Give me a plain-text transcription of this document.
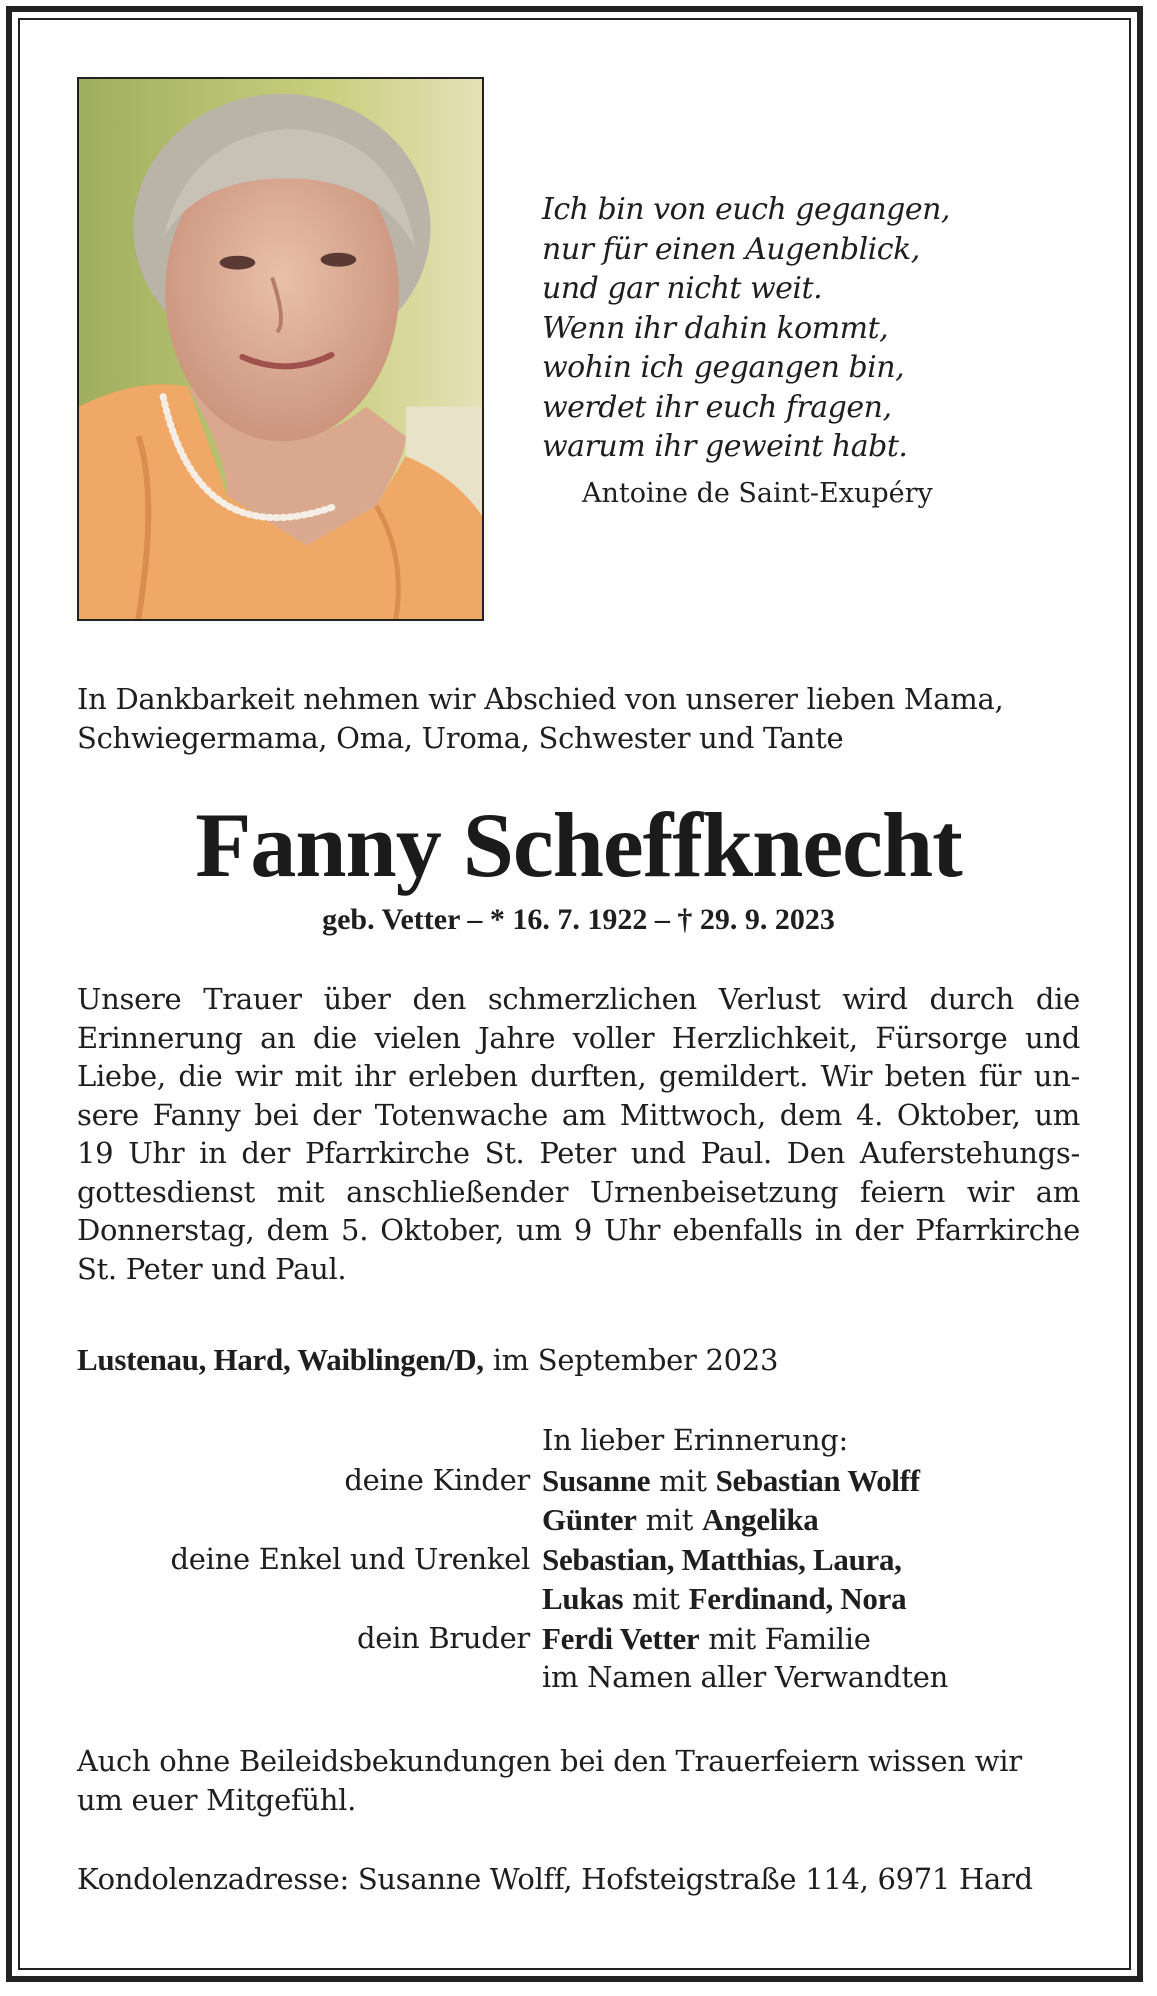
Ich bin von euch gegangen,
nur für einen Augenblick,
und gar nicht weit.
Wenn ihr dahin kommt,
wohin ich gegangen bin,
werdet ihr euch fragen,
warum ihr geweint habt.
Antoine de Saint-Exupéry
In Dankbarkeit nehmen wir Abschied von unserer lieben Mama,
Schwiegermama, Oma, Uroma, Schwester und Tante
Fanny Scheffknecht
geb. Vetter – * 16. 7. 1922 – † 29. 9. 2023
Unsere Trauer über den schmerzlichen Verlust wird durch die
Erinnerung an die vielen Jahre voller Herzlichkeit, Fürsorge und
Liebe, die wir mit ihr erleben durften, gemildert. Wir beten für un-
sere Fanny bei der Totenwache am Mittwoch, dem 4. Oktober, um
19 Uhr in der Pfarrkirche St. Peter und Paul. Den Auferstehungs-
gottesdienst mit anschließender Urnenbeisetzung feiern wir am
Donnerstag, dem 5. Oktober, um 9 Uhr ebenfalls in der Pfarrkirche
St. Peter und Paul.
Lustenau, Hard, Waiblingen/D, im September 2023
In lieber Erinnerung:
deine Kinder Susanne mit Sebastian Wolff
Günter mit Angelika
deine Enkel und Urenkel Sebastian, Matthias, Laura,
Lukas mit Ferdinand, Nora
dein Bruder Ferdi Vetter mit Familie
im Namen aller Verwandten
Auch ohne Beileidsbekundungen bei den Trauerfeiern wissen wir
um euer Mitgefühl.
Kondolenzadresse: Susanne Wolff, Hofsteigstraße 114, 6971 Hard
